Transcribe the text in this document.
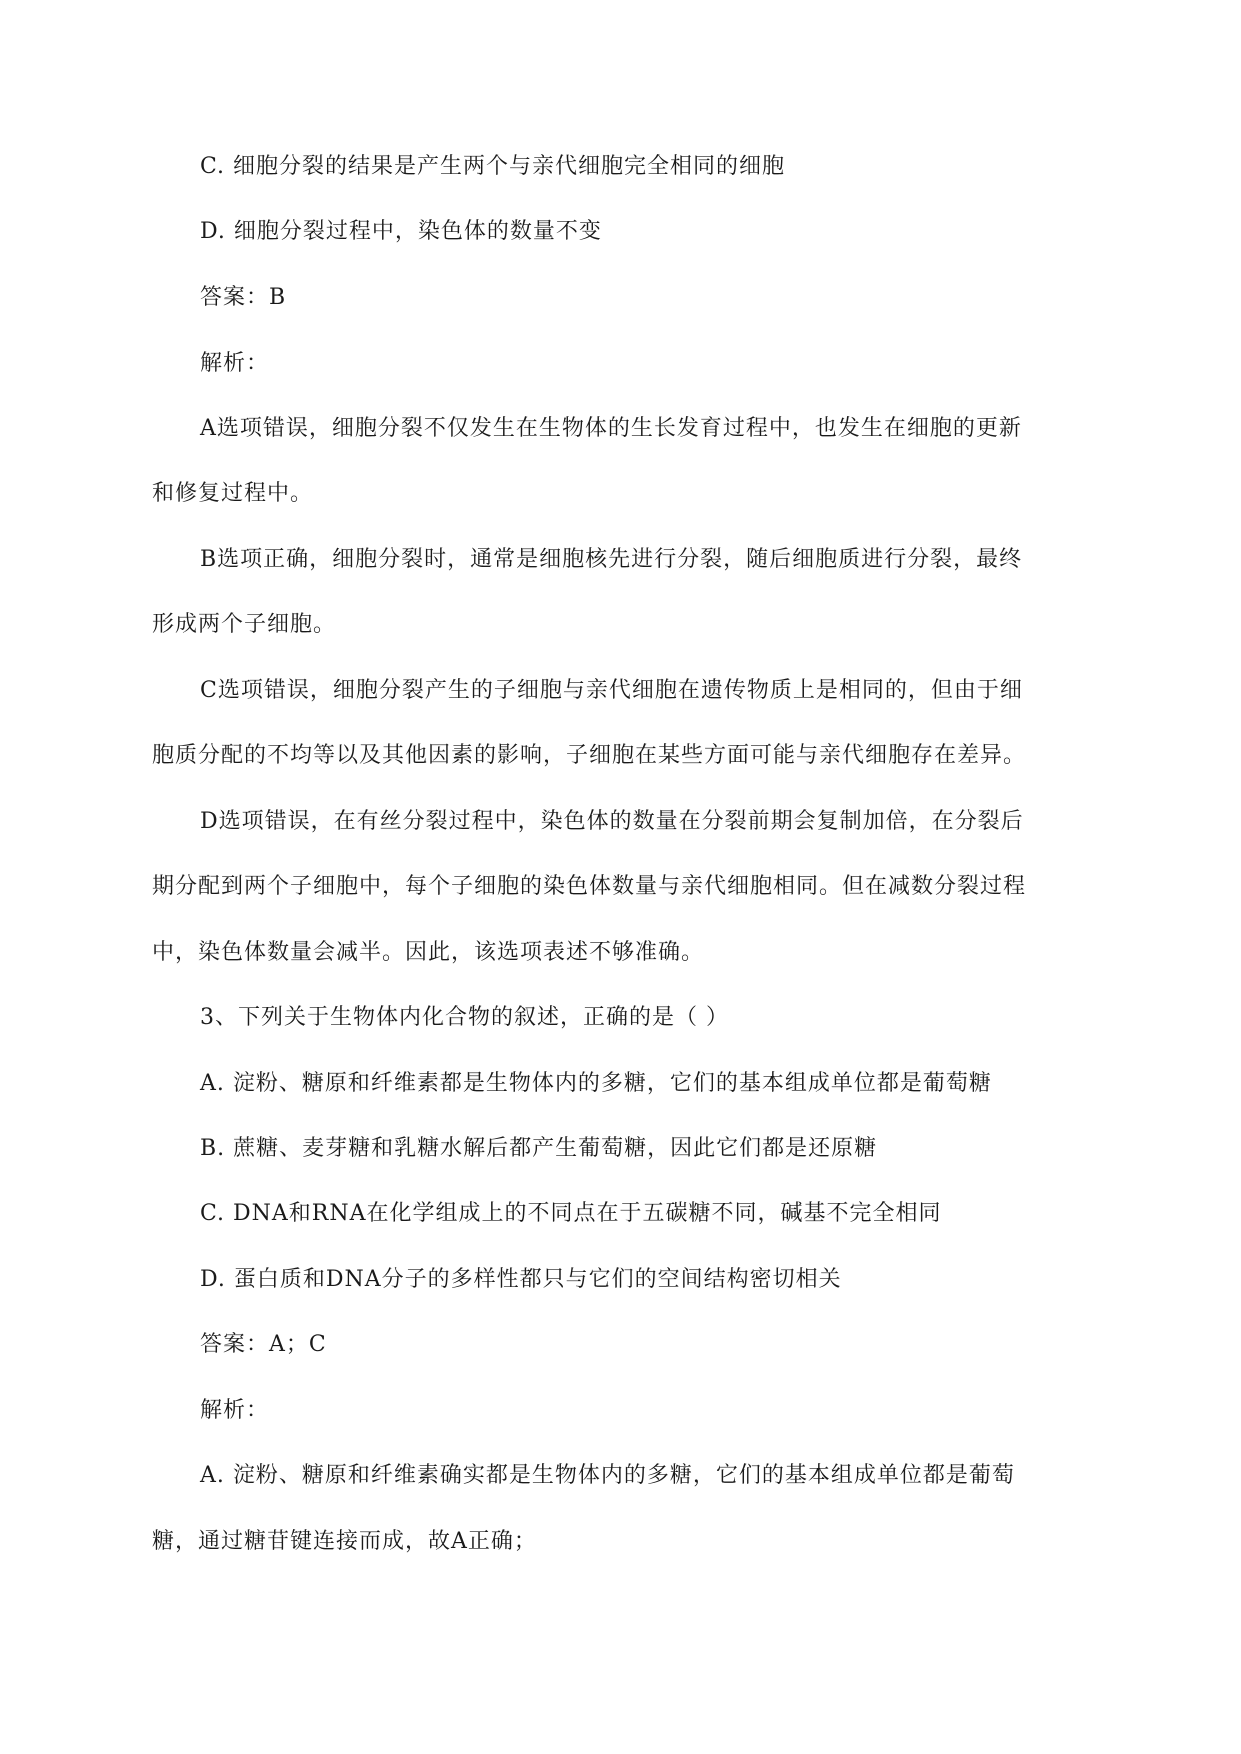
C. 细胞分裂的结果是产生两个与亲代细胞完全相同的细胞
D. 细胞分裂过程中，染色体的数量不变
答案：B
解析：
A选项错误，细胞分裂不仅发生在生物体的生长发育过程中，也发生在细胞的更新
和修复过程中。
B选项正确，细胞分裂时，通常是细胞核先进行分裂，随后细胞质进行分裂，最终
形成两个子细胞。
C选项错误，细胞分裂产生的子细胞与亲代细胞在遗传物质上是相同的，但由于细
胞质分配的不均等以及其他因素的影响，子细胞在某些方面可能与亲代细胞存在差异。
D选项错误，在有丝分裂过程中，染色体的数量在分裂前期会复制加倍，在分裂后
期分配到两个子细胞中，每个子细胞的染色体数量与亲代细胞相同。但在减数分裂过程
中，染色体数量会减半。因此，该选项表述不够准确。
3、下列关于生物体内化合物的叙述，正确的是（ ）
A. 淀粉、糖原和纤维素都是生物体内的多糖，它们的基本组成单位都是葡萄糖
B. 蔗糖、麦芽糖和乳糖水解后都产生葡萄糖，因此它们都是还原糖
C. DNA和RNA在化学组成上的不同点在于五碳糖不同，碱基不完全相同
D. 蛋白质和DNA分子的多样性都只与它们的空间结构密切相关
答案：A；C
解析：
A. 淀粉、糖原和纤维素确实都是生物体内的多糖，它们的基本组成单位都是葡萄
糖，通过糖苷键连接而成，故A正确；
